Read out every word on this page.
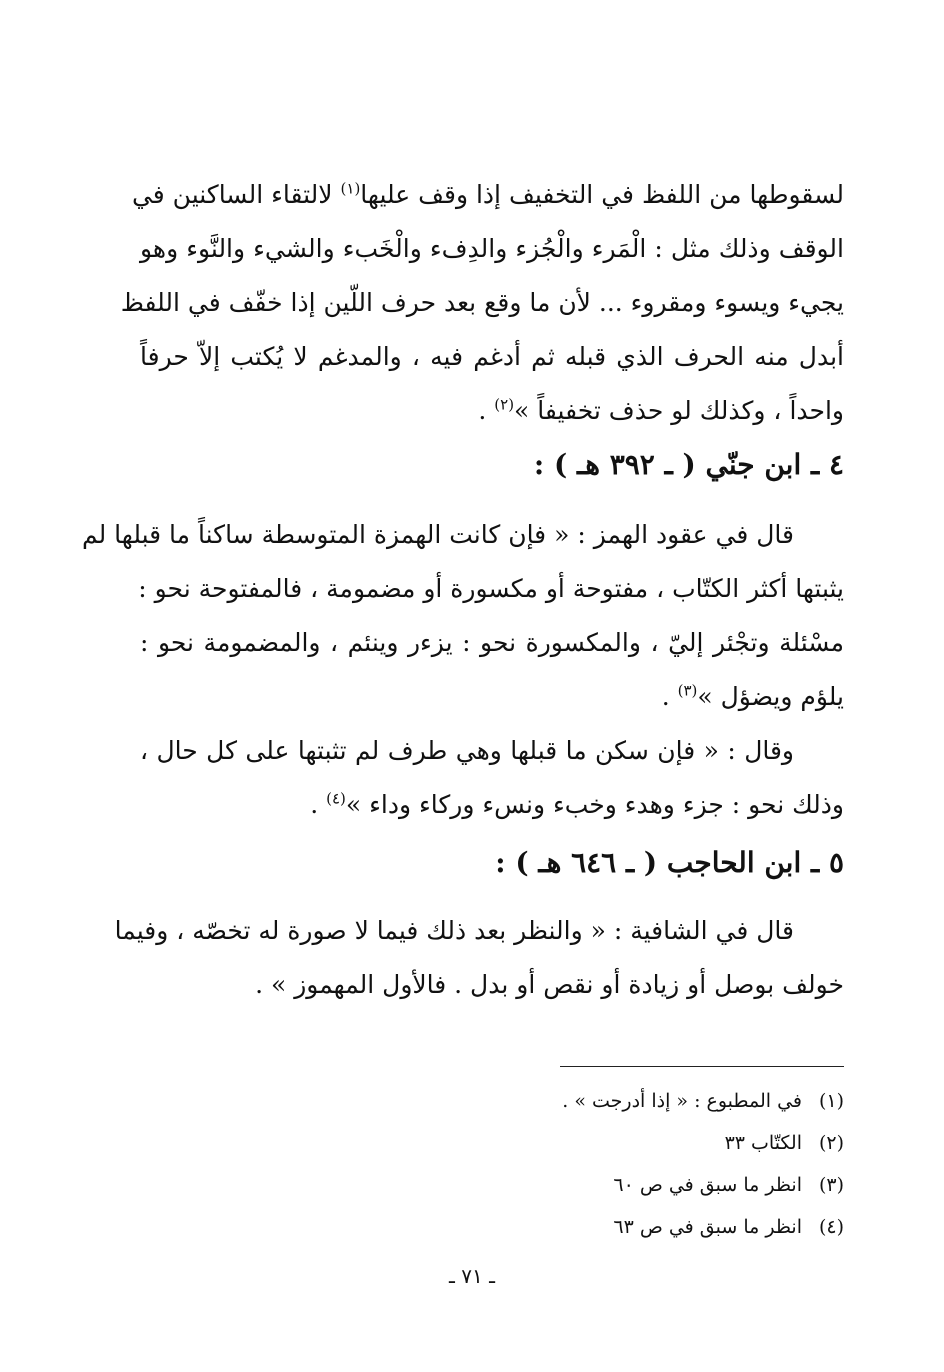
لسقوطها من اللفظ في التخفيف إذا وقف عليها$^{(١)}$ لالتقاء الساكنين في
الوقف وذلك مثل : الْمَرء والْجُزء والدِفء والْخَبء والشيء والنَّوء وهو
يجيء ويسوء ومقروء ... لأن ما وقع بعد حرف اللّين إذا خفّف في اللفظ
أبدل منه الحرف الذي قبله ثم أدغم فيه ، والمدغم لا يُكتب إلاّ حرفاً
واحداً ، وكذلك لو حذف تخفيفاً »$^{(٢)}$ .
٤ ـ ابن جنّي ( ـ ٣٩٢ هـ ) :
قال في عقود الهمز : « فإن كانت الهمزة المتوسطة ساكناً ما قبلها لم
يثبتها أكثر الكتّاب ، مفتوحة أو مكسورة أو مضمومة ، فالمفتوحة نحو :
مسْئلة وتجْئر إليّ ، والمكسورة نحو : يزءر وينئم ، والمضمومة نحو :
يلؤم ويضؤل »$^{(٣)}$ .
وقال : « فإن سكن ما قبلها وهي طرف لم تثبتها على كل حال ،
وذلك نحو : جزء وهدء وخبء ونسء وركاء وداء »$^{(٤)}$ .
٥ ـ ابن الحاجب ( ـ ٦٤٦ هـ ) :
قال في الشافية : « والنظر بعد ذلك فيما لا صورة له تخصّه ، وفيما
خولف بوصل أو زيادة أو نقص أو بدل . فالأول المهموز » .
(١)
في المطبوع : « إذا أدرجت » .
(٢)
الكتّاب ٣٣
(٣)
انظر ما سبق في ص ٦٠
(٤)
انظر ما سبق في ص ٦٣
ـ ٧١ ـ
